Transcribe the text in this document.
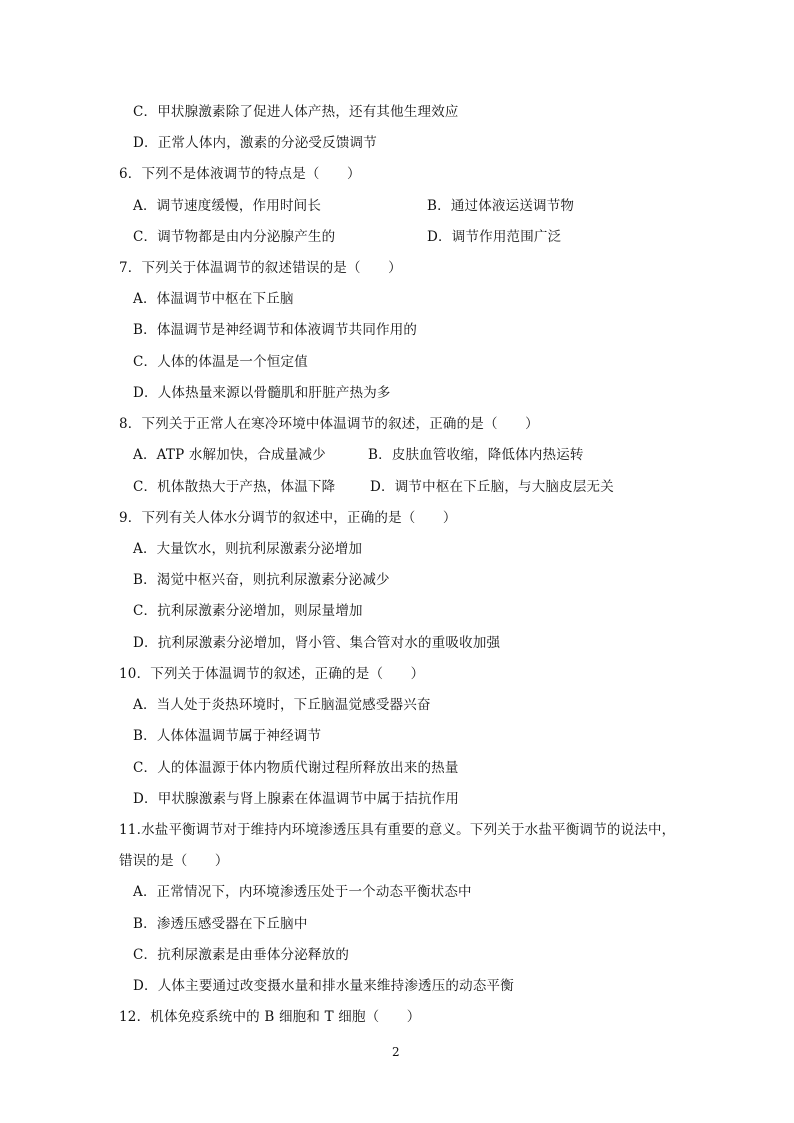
C．甲状腺激素除了促进人体产热，还有其他生理效应
D．正常人体内，激素的分泌受反馈调节
6．下列不是体液调节的特点是（　　）
A．调节速度缓慢，作用时间长	B．通过体液运送调节物
C．调节物都是由内分泌腺产生的	D．调节作用范围广泛
7．下列关于体温调节的叙述错误的是（　　）
A．体温调节中枢在下丘脑
B．体温调节是神经调节和体液调节共同作用的
C．人体的体温是一个恒定值
D．人体热量来源以骨髓肌和肝脏产热为多
8．下列关于正常人在寒冷环境中体温调节的叙述，正确的是（　　）
A．ATP 水解加快，合成量减少	B．皮肤血管收缩，降低体内热运转
C．机体散热大于产热，体温下降	D．调节中枢在下丘脑，与大脑皮层无关
9．下列有关人体水分调节的叙述中，正确的是（　　）
A．大量饮水，则抗利尿激素分泌增加
B．渴觉中枢兴奋，则抗利尿激素分泌减少
C．抗利尿激素分泌增加，则尿量增加
D．抗利尿激素分泌增加，肾小管、集合管对水的重吸收加强
10．下列关于体温调节的叙述，正确的是（　　）
A．当人处于炎热环境时，下丘脑温觉感受器兴奋
B．人体体温调节属于神经调节
C．人的体温源于体内物质代谢过程所释放出来的热量
D．甲状腺激素与肾上腺素在体温调节中属于拮抗作用
11.水盐平衡调节对于维持内环境渗透压具有重要的意义。下列关于水盐平衡调节的说法中，
错误的是（　　）
A．正常情况下，内环境渗透压处于一个动态平衡状态中
B．渗透压感受器在下丘脑中
C．抗利尿激素是由垂体分泌释放的
D．人体主要通过改变摄水量和排水量来维持渗透压的动态平衡
12．机体免疫系统中的 B 细胞和 T 细胞（　　）
2
